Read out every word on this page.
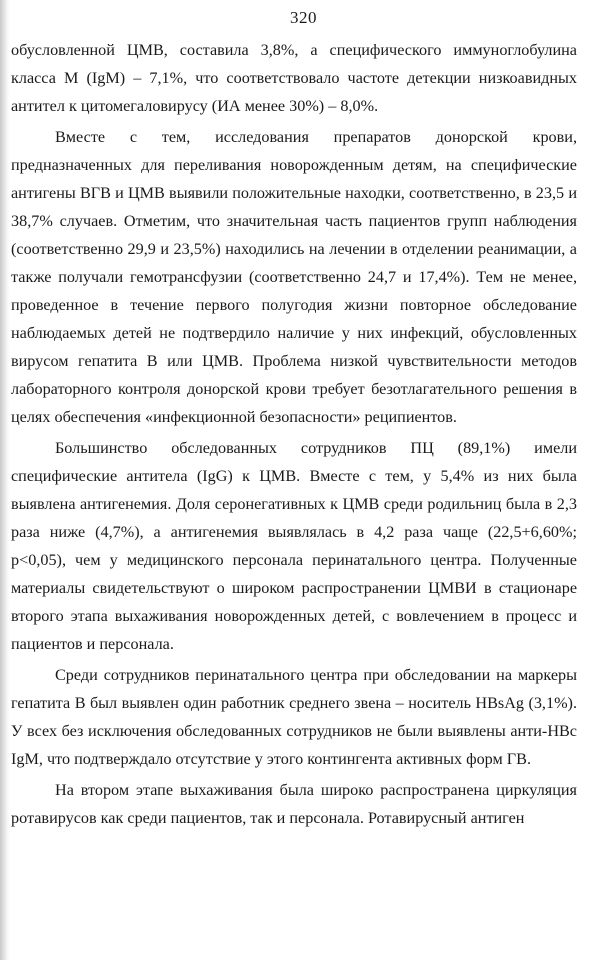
320

обусловленной ЦМВ, составила 3,8%, а специфического иммуноглобулина класса М (IgM) – 7,1%, что соответствовало частоте детекции низкоавидных антител к цитомегаловирусу (ИА менее 30%) – 8,0%.

Вместе с тем, исследования препаратов донорской крови, предназначенных для переливания новорожденным детям, на специфические антигены ВГВ и ЦМВ выявили положительные находки, соответственно, в 23,5 и 38,7% случаев. Отметим, что значительная часть пациентов групп наблюдения (соответственно 29,9 и 23,5%) находились на лечении в отделении реанимации, а также получали гемотрансфузии (соответственно 24,7 и 17,4%). Тем не менее, проведенное в течение первого полугодия жизни повторное обследование наблюдаемых детей не подтвердило наличие у них инфекций, обусловленных вирусом гепатита В или ЦМВ. Проблема низкой чувствительности методов лабораторного контроля донорской крови требует безотлагательного решения в целях обеспечения «инфекционной безопасности» реципиентов.

Большинство обследованных сотрудников ПЦ (89,1%) имели специфические антитела (IgG) к ЦМВ. Вместе с тем, у 5,4% из них была выявлена антигенемия. Доля серонегативных к ЦМВ среди родильниц была в 2,3 раза ниже (4,7%), а антигенемия выявлялась в 4,2 раза чаще (22,5+6,60%; р<0,05), чем у медицинского персонала перинатального центра. Полученные материалы свидетельствуют о широком распространении ЦМВИ в стационаре второго этапа выхаживания новорожденных детей, с вовлечением в процесс и пациентов и персонала.

Среди сотрудников перинатального центра при обследовании на маркеры гепатита В был выявлен один работник среднего звена – носитель HBsAg (3,1%). У всех без исключения обследованных сотрудников не были выявлены анти-HBc IgM, что подтверждало отсутствие у этого контингента активных форм ГВ.

На втором этапе выхаживания была широко распространена циркуляция ротавирусов как среди пациентов, так и персонала. Ротавирусный антиген
